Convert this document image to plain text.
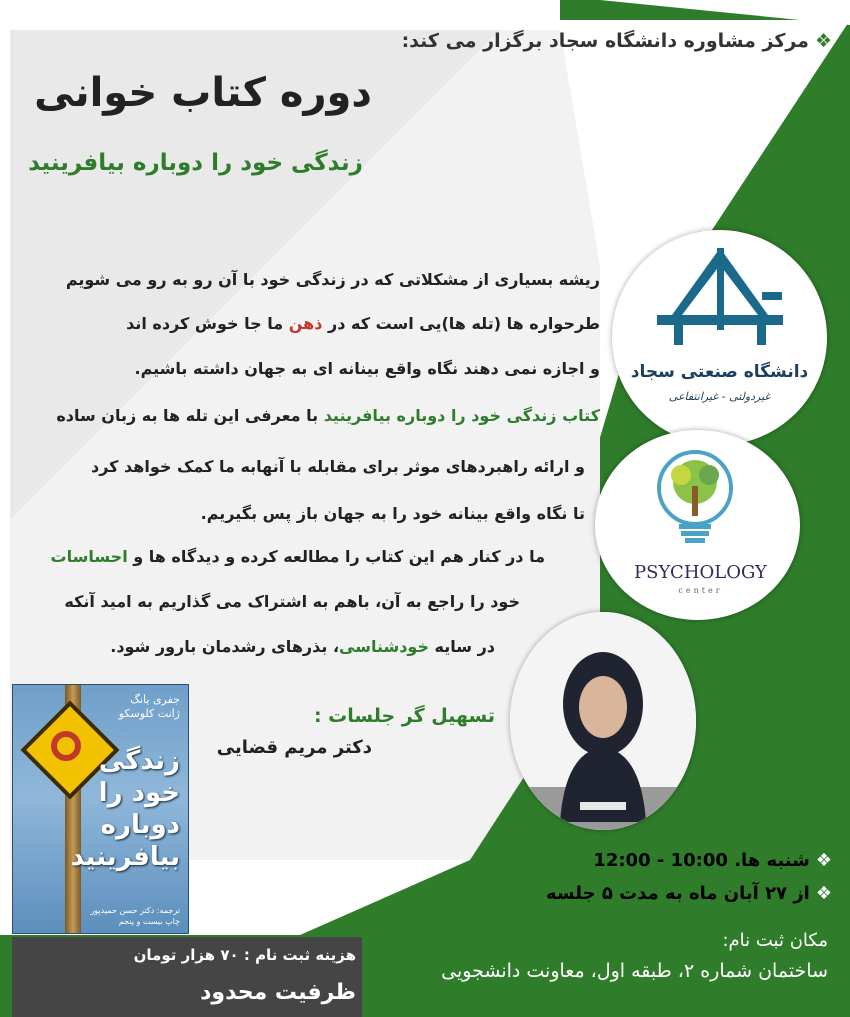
❖مرکز مشاوره دانشگاه سجاد برگزار می کند:
دوره کتاب خوانی
زندگی خود را دوباره بیافرینید
ریشه بسیاری از مشکلاتی که در زندگی خود با آن رو به رو می شویم
طرحواره ها (تله ها)یی است که در ذهن ما جا خوش کرده اند
و اجازه نمی دهند نگاه واقع بینانه ای به جهان داشته باشیم.
کتاب زندگی خود را دوباره بیافرینید با معرفی این تله ها به زبان ساده
و ارائه راهبردهای موثر برای مقابله با آنهابه ما کمک خواهد کرد
تا نگاه واقع بینانه خود را به جهان باز پس بگیریم.
ما در کنار هم این کتاب را مطالعه کرده و دیدگاه ها و احساسات
خود را راجع به آن، باهم به اشتراک می گذاریم به امید آنکه
در سایه خودشناسی، بذرهای رشدمان بارور شود.
دانشگاه صنعتی سجاد
غیردولتی - غیرانتفاعی
PSYCHOLOGY
center
جفری یانگ
ژانت کلوسکو
زندگی خود را دوباره بیافرینید
ترجمه: دکتر حسن حمیدپور
چاپ بیست و پنجم
تسهیل گر جلسات :
دکتر مریم قضایی
❖شنبه ها. 10:00 - 12:00
❖از ۲۷ آبان ماه به مدت ۵ جلسه
مکان ثبت نام:
ساختمان شماره ۲، طبقه اول، معاونت دانشجویی
هزینه ثبت نام : ۷۰ هزار تومان
ظرفیت محدود
